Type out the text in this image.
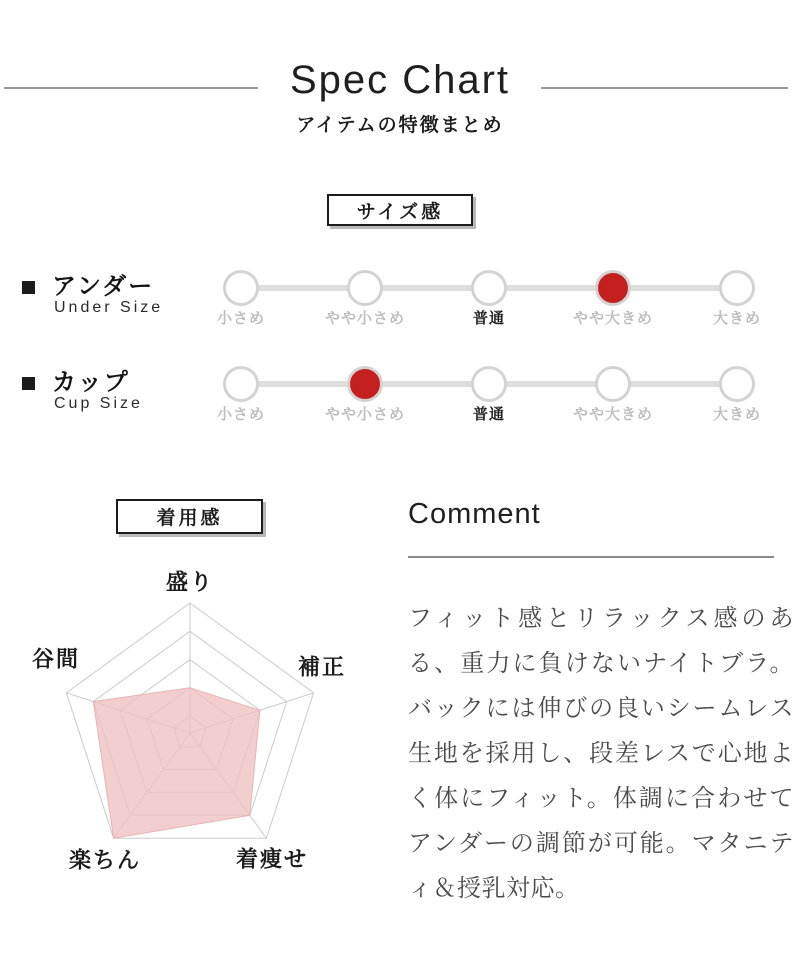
Spec Chart
アイテムの特徴まとめ
サイズ感
アンダー
Under Size
小さめ	やや小さめ	普通	やや大きめ	大きめ
カップ
Cup Size
小さめ	やや小さめ	普通	やや大きめ	大きめ
着用感	Comment
フィット感とリラックス感のある、重力に負けないナイトブラ。バックには伸びの良いシームレス生地を採用し、段差レスで心地よく体にフィット。体調に合わせてアンダーの調節が可能。マタニティ＆授乳対応。
盛り
補正
着痩せ
楽ちん
谷間
